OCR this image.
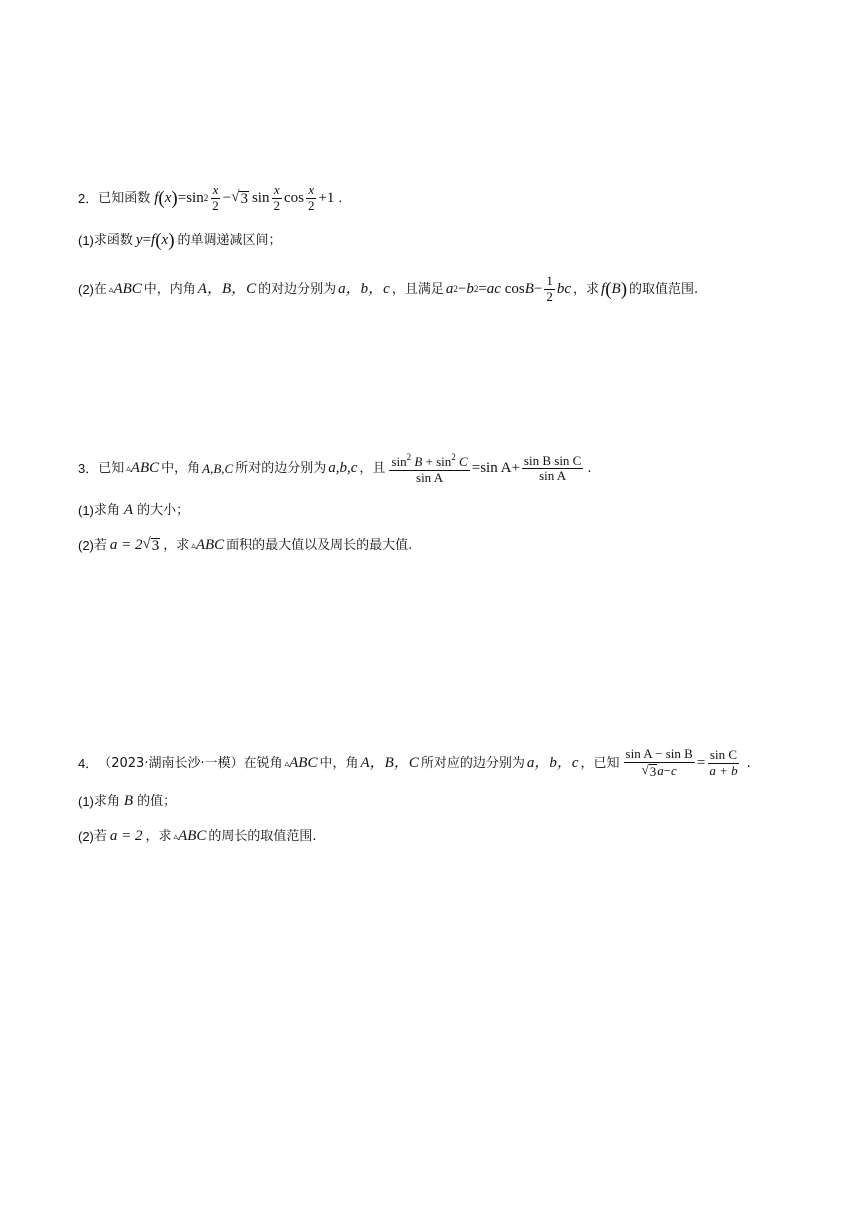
2． 已知函数 f ( x ) = $\sin 2 \frac{x}{2}$ − √ 3 $\sin \frac{x}{2}$ $\cos \frac{x}{2} + 1$ ．
(1) 求函数 y = f ( x ) 的单调递减区间；
(2) 在 ▵ABC 中，内角 A，B，C 的对边分别为 a，b，c ，且满足 a 2 − b 2 = ac
$\cos B - \frac{1}{2}$ bc ，求 f ( B ) 的取值范围.
3． 已知 ▵ABC 中，角 A,B,C 所对的边分别为 a,b,c ，且 $\frac{\sin^2 B + \sin^2 C}{\text{sin A}} = \sin A + \frac{\text{sin B sin C}}{\text{sin A}}$ .
(1) 求角 A 的大小；
(2) 若 a = 2 √ 3 ，求 ▵ABC 面积的最大值以及周长的最大值.
4． （2023·湖南长沙·一模） 在锐角 ▵ABC 中，角 A，B，C 所对应的边分别为 a，b，c ，已知 $\frac{\text{sin A − sin B}}{√ 3 a - c} = \frac{\text{sin C}}{a + b}$ .
(1) 求角 B 的值；
(2) 若 a = 2 ，求 ▵ABC 的周长的取值范围.
